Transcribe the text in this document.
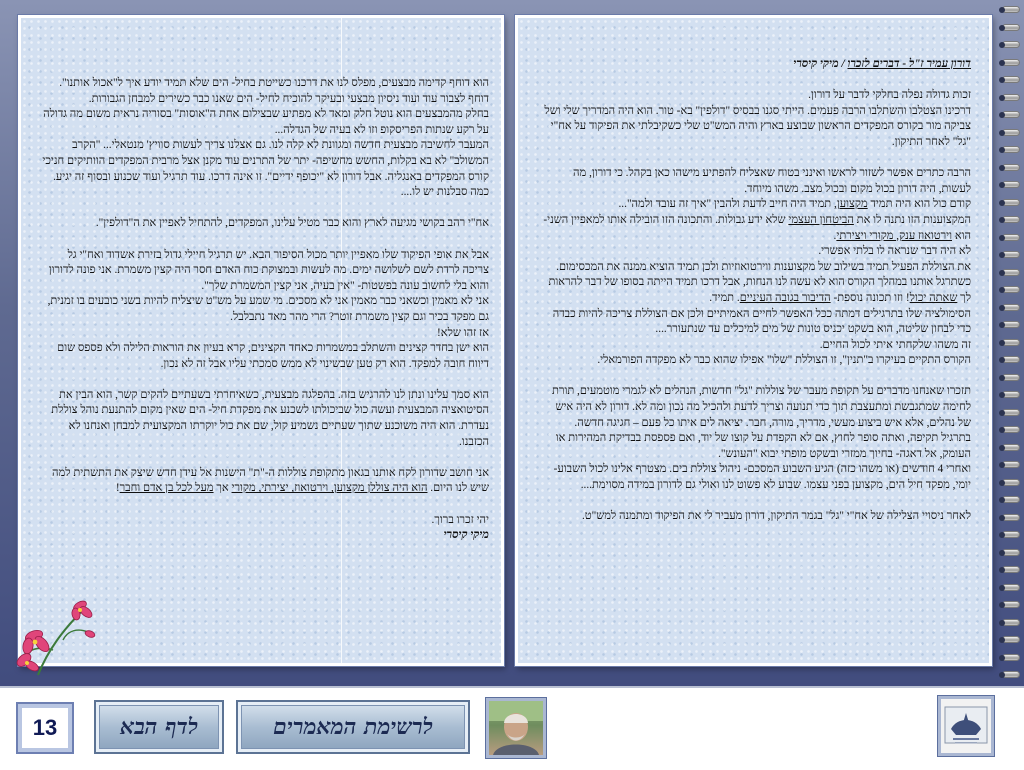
הוא דוחף קדימה מבצעים, מפלס לנו את דרכנו כשייטת בחיל- הים שלא תמיד יודע איך ל"אכול אותנו". דוחף לצבור עוד ועוד ניסיון מבצעי ובעיקר להוכיח לחיל- הים שאנו כבר כשירים למבחן הגבורות.
בחלק מהמבצעים הוא נוטל חלק ומאד לא מפתיע שבצילום אחת ה"אוסות" בסוריה נראית משום מה גדולה על רקע שנתות הפריסקופ וזו לא בעיה של הגדלה...
המעבר לחשיבה מבצעית חדשה ומגוונת לא קלה לנו. גם אצלנו צריך לעשות סוויץ' מנטאלי... "הקרב המשולב" לא בא בקלות, החשש מחשיפה- יתר של התרנים עוד מקנן אצל מרבית המפקדים הוותיקים חניכי קורס המפקדים באנגליה. אבל דורון לא "יכופף ידיים". זו אינה דרכו. עוד תרגיל ועוד שכנוע ובסוף זה יגיע. כמה סבלנות יש לו....

אח"י רהב בקושי מגיעה לארץ והוא כבר מטיל עלינו, המפקדים, להתחיל לאפיין את ה"דולפין".

אבל את אופי הפיקוד שלו מאפיין יותר מכול הסיפור הבא. יש תרגיל חיילי גדול בזירת אשדוד ואח"י גל צריכה לרדת לשם לשלושה ימים. מה לעשות ובמצוקת כוח האדם חסר היה קצין משמרת. אני פונה לדורון והוא בלי לחשוב עונה בפשטות- "אין בעיה, אני קצין המשמרת שלך".
אני לא מאמין וכשאני כבר מאמין אני לא מסכים. מי שמע על מש"ט שיצליח להיות בשני כובעים בו זמנית, גם מפקד בכיר וגם קצין משמרת זוטר? הרי מהר מאד נתבלבל.
אז זהו שלא!
הוא ישן בחדר קצינים והשתלב במשמרות כאחד הקצינים, קרא בעיון את הוראות הלילה ולא פספס שום דיווח חובה למפקד. הוא רק טען שבשינוי לא ממש סמכתי עליו אבל זה לא נכון.

הוא סמך עלינו ונתן לנו להרגיש בזה. בהפלגה מבצעית, כשאיחרתי בשעתיים להקים קשר, הוא הבין את הסיטואציה המבצעית ועשה כול שביכולתו לשכנע את מפקדת חיל- הים שאין מקום להתנעת נוהל צוללת נעדרת. הוא היה משוכנע שתוך שעתיים נשמיע קול, שם את כול יוקרתו המקצועית למבחן ואנחנו לא הכזבנו.

אני חושב שדורון לקח אותנו בגאון מתקופת צוללות ה-"ת" הישנות אל עידן חדש שיצק את התשתית למה שיש לנו היום. הוא היה צוללן מקצוען, וירטואוז, יצירתי, מקורי אך מעל לכל בן אדם וחבר!

יהי זכרו ברוך.
מיקי קיסרי

דורון עמיר ז"ל - דברים לזכרו / מיקי קיסרי

זכות גדולה נפלה בחלקי לדבר על דורון.
דרכינו הצטלבו והשתלבו הרבה פעמים. הייתי סגנו בבסיס "דולפין" בא- טור. הוא היה המדריך שלי ושל צביקה מור בקורס המפקדים הראשון שבוצע בארץ והיה המש"ט שלי כשקיבלתי את הפיקוד על אח"י "גל" לאחר התיקון.

הרבה כתרים אפשר לשזור לראשו ואינני בטוח שאצליח להפתיע מישהו כאן בקהל. כי דורון, מה לעשות, היה דורון בכול מקום ובכול מצב. משהו מיוחד.
קודם כול הוא היה תמיד מקצוען, תמיד היה חייב לדעת ולהבין "איך זה עובד ולמה"...
המקצוענות הזו נתנה לו את הביטחון העצמי שלא ידע גבולות. והתכונה הזו הובילה אותו למאפיין השני- הוא וירטואוז ענק, מקורי ויצירתי.
לא היה דבר שנראה לו בלתי אפשרי.
את הצוללת הפעיל תמיד בשילוב של מקצוענות ווירטואוזיות ולכן תמיד הוציא ממנה את המכסימום.
כשתרגל אותנו במהלך הקורס הוא לא עשה לנו הנחות, אבל דרכו תמיד הייתה בסופו של דבר להראות לך שאתה יכול! וזו תכונה נוספת- הדיבור בגובה העיניים. תמיד.
הסימולציה שלו בתרגילים דמתה ככל האפשר לחיים האמיתיים ולכן אם הצוללת צריכה להיות כבדה כדי לבחון שליטה, הוא בשקט יכניס טונות של מים למיכלים עד שנתעורר....
זה משהו שלקחתי איתי לכול החיים.
הקורס התקיים בעיקרו ב"תנין", זו הצוללת "שלו" אפילו שהוא כבר לא מפקדה הפורמאלי.

תזכרו שאנחנו מדברים על תקופת מעבר של צוללות "גל" חדשות, הנהלים לא לגמרי מוטמעים, תורת לחימה שמתגבשת ומתעצבת תוך כדי תנועה וצריך לדעת ולהכיל מה נכון ומה לא. דורון לא היה איש של נהלים, אלא איש ביצוע מעשי, מדריך, מורה, חבר. יציאה לים איתו כל פעם – חגיגה חדשה.
בתרגיל תקיפה, ואתה סופר לחוץ, אם לא הקפדת על קוצו של יוד, ואם פספסת בבדיקת המהירות או העומק, אל דאגה- בחיוך ממזרי ובשקט מופתי יבוא "העונש".
ואחרי 4 חודשים (או משהו כזה) הגיע השבוע המסכם- ניהול צוללת בים. מצטרף אלינו לכול השבוע- יומי, מפקד חיל הים, מקצוען בפני עצמו. שבוע לא פשוט לנו ואולי גם לדורון במידה מסוימת....

לאחר ניסויי הצלילה של אח"י "גל" בגמר התיקון, דורון מעביר לי את הפיקוד ומתמנה למש"ט.

13	לדף הבא	לרשימת המאמרים
